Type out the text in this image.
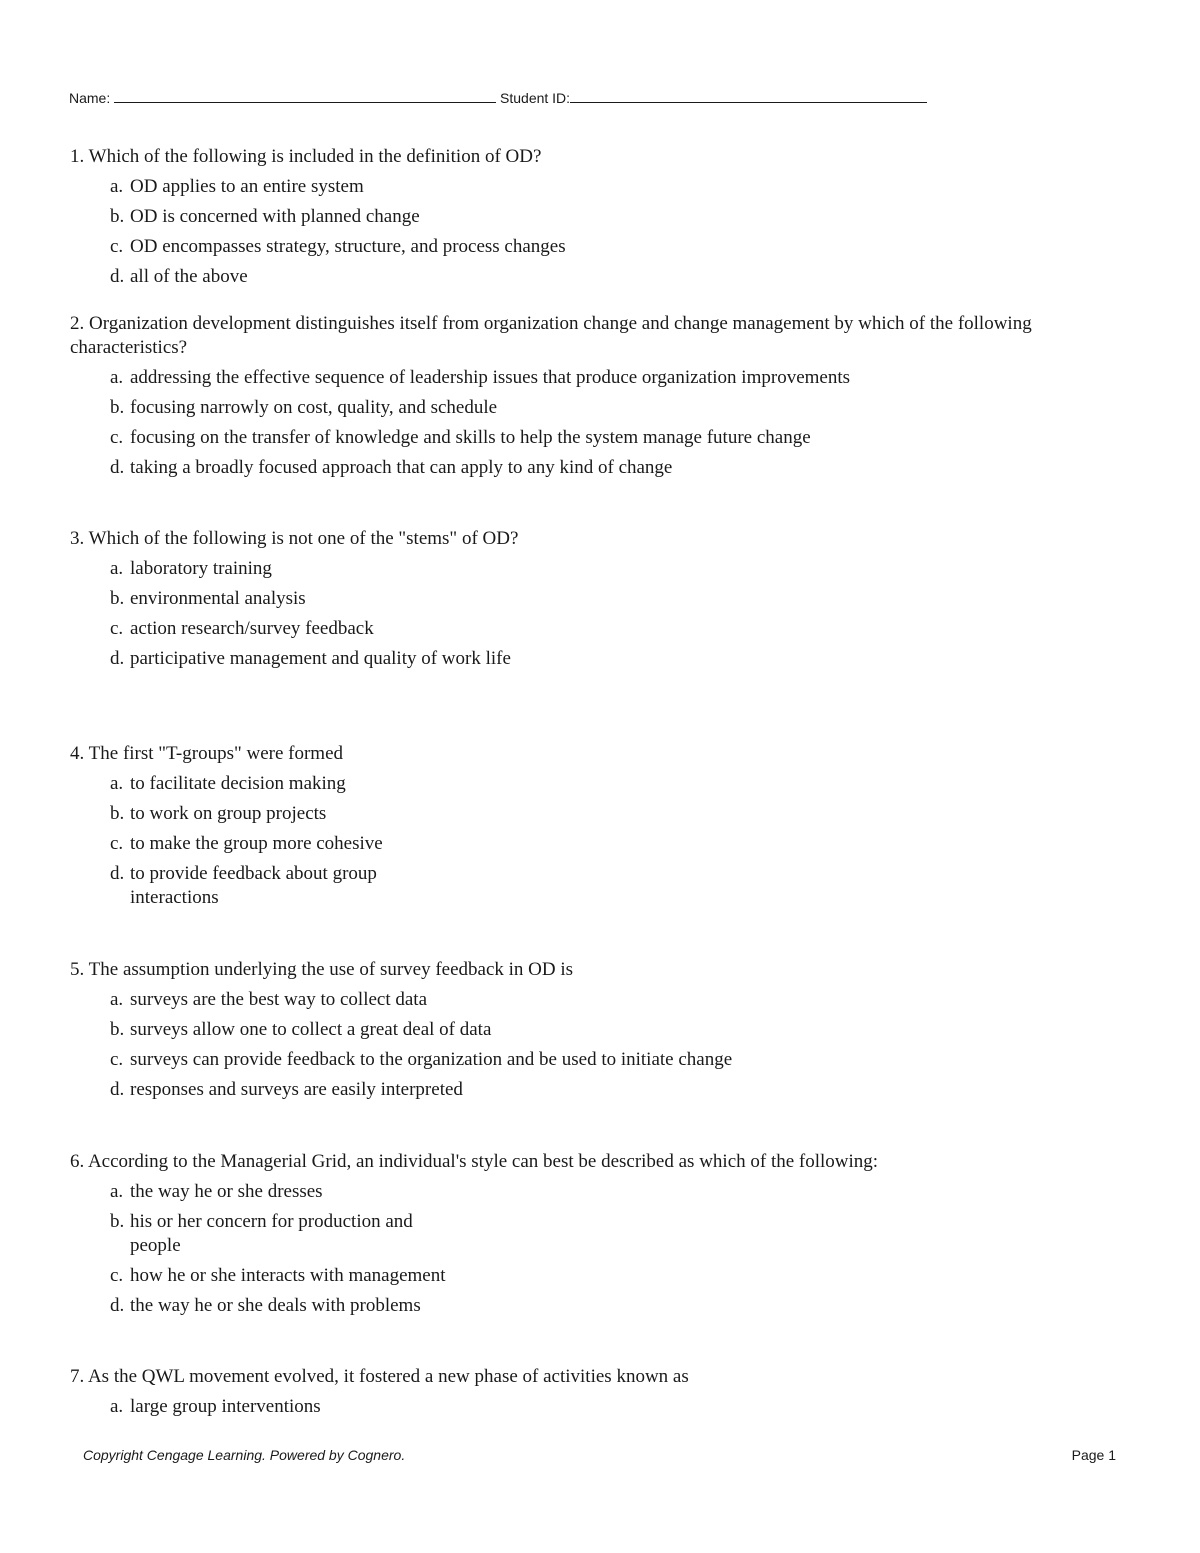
Name:	Student ID:

1. Which of the following is included in the definition of OD?

a. OD applies to an entire system
b. OD is concerned with planned change
c. OD encompasses strategy, structure, and process changes
d. all of the above

2. Organization development distinguishes itself from organization change and change management by which of the following characteristics?

a. addressing the effective sequence of leadership issues that produce organization improvements
b. focusing narrowly on cost, quality, and schedule
c. focusing on the transfer of knowledge and skills to help the system manage future change
d. taking a broadly focused approach that can apply to any kind of change

3. Which of the following is not one of the "stems" of OD?

a. laboratory training
b. environmental analysis
c. action research/survey feedback
d. participative management and quality of work life

4. The first "T-groups" were formed

a. to facilitate decision making
b. to work on group projects
c. to make the group more cohesive
d. to provide feedback about group interactions

5. The assumption underlying the use of survey feedback in OD is

a. surveys are the best way to collect data
b. surveys allow one to collect a great deal of data
c. surveys can provide feedback to the organization and be used to initiate change
d. responses and surveys are easily interpreted

6. According to the Managerial Grid, an individual's style can best be described as which of the following:

a. the way he or she dresses
b. his or her concern for production and people
c. how he or she interacts with management
d. the way he or she deals with problems

7. As the QWL movement evolved, it fostered a new phase of activities known as

a. large group interventions
Copyright Cengage Learning. Powered by Cognero.	Page 1
